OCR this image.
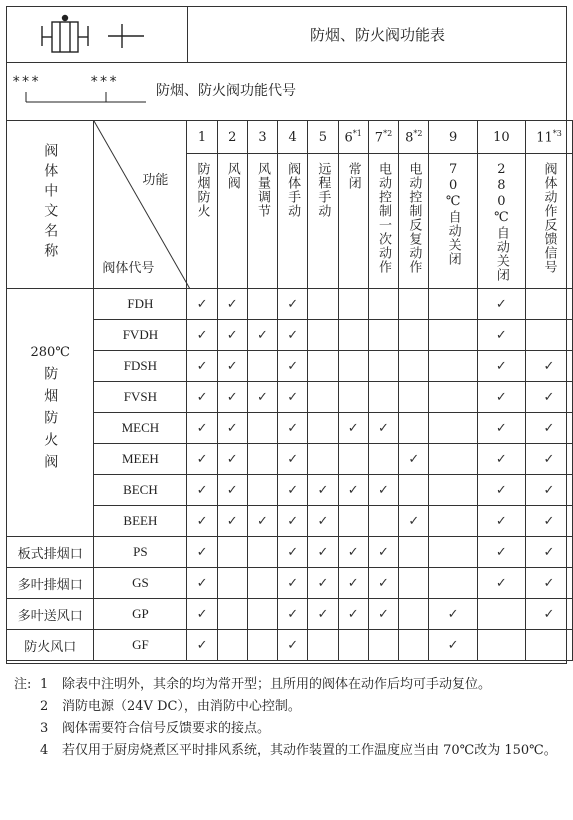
防烟、防火阀功能表
***	***
防烟、防火阀功能代号
阀体中文名称	功能
阀体代号	1	2	3	4	5	6$^{*1}$	7$^{*2}$	8$^{*2}$	9	10	11$^{*3}$
		防烟防火	风阀	风量调节	阀体手动	远程手动	常闭	电动控制一次动作	电动控制反复动作	70℃自动关闭	280℃自动关闭	阀体动作反馈信号

280℃
防烟防火阀	FDH	✓	✓		✓						✓	
	FVDH	✓	✓	✓	✓						✓	
	FDSH	✓	✓		✓						✓	✓
	FVSH	✓	✓	✓	✓						✓	✓
	MECH	✓	✓		✓		✓	✓			✓	✓
	MEEH	✓	✓		✓				✓		✓	✓
	BECH	✓	✓		✓	✓	✓	✓			✓	✓
	BEEH	✓	✓	✓	✓	✓			✓		✓	✓
板式排烟口	PS	✓			✓	✓	✓	✓			✓	✓
多叶排烟口	GS	✓			✓	✓	✓	✓			✓	✓
多叶送风口	GP	✓			✓	✓	✓	✓		✓		✓
防火风口	GF	✓			✓					✓		
注: 1 除表中注明外，其余的均为常开型；且所用的阀体在动作后均可手动复位。
2 消防电源（24V DC），由消防中心控制。
3 阀体需要符合信号反馈要求的接点。
4 若仅用于厨房烧煮区平时排风系统，其动作装置的工作温度应当由 70℃改为 150℃。
